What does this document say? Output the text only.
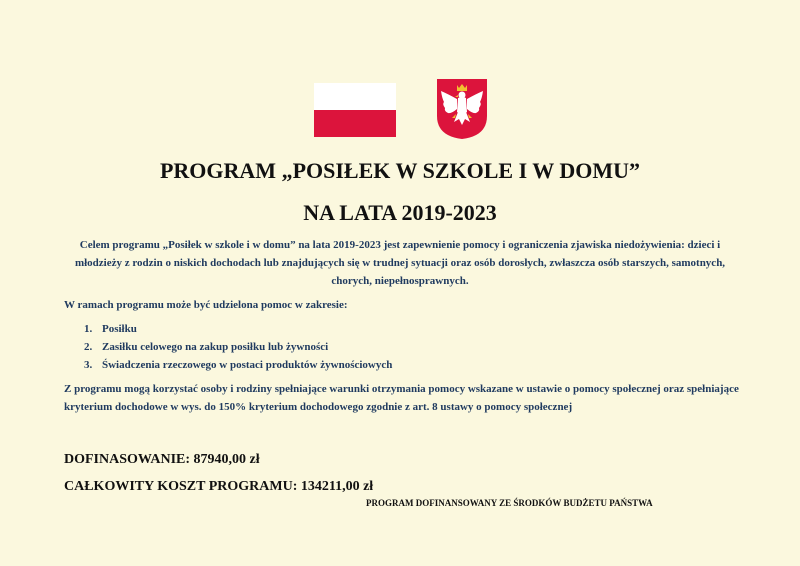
PROGRAM „POSIŁEK W SZKOLE I W DOMU”
NA LATA 2019-2023

Celem programu „Posiłek w szkole i w domu” na lata 2019-2023 jest zapewnienie pomocy i ograniczenia zjawiska niedożywienia: dzieci i młodzieży z rodzin o niskich dochodach lub znajdujących się w trudnej sytuacji oraz osób dorosłych, zwłaszcza osób starszych, samotnych, chorych, niepełnosprawnych.

W ramach programu może być udzielona pomoc w zakresie:

1. Posiłku
2. Zasiłku celowego na zakup posiłku lub żywności
3. Świadczenia rzeczowego w postaci produktów żywnościowych

Z programu mogą korzystać osoby i rodziny spełniające warunki otrzymania pomocy wskazane w ustawie o pomocy społecznej oraz spełniające kryterium dochodowe w wys. do 150% kryterium dochodowego zgodnie z art. 8 ustawy o pomocy społecznej

DOFINASOWANIE: 87940,00 zł
CAŁKOWITY KOSZT PROGRAMU: 134211,00 zł
PROGRAM DOFINANSOWANY ZE ŚRODKÓW BUDŻETU PAŃSTWA
